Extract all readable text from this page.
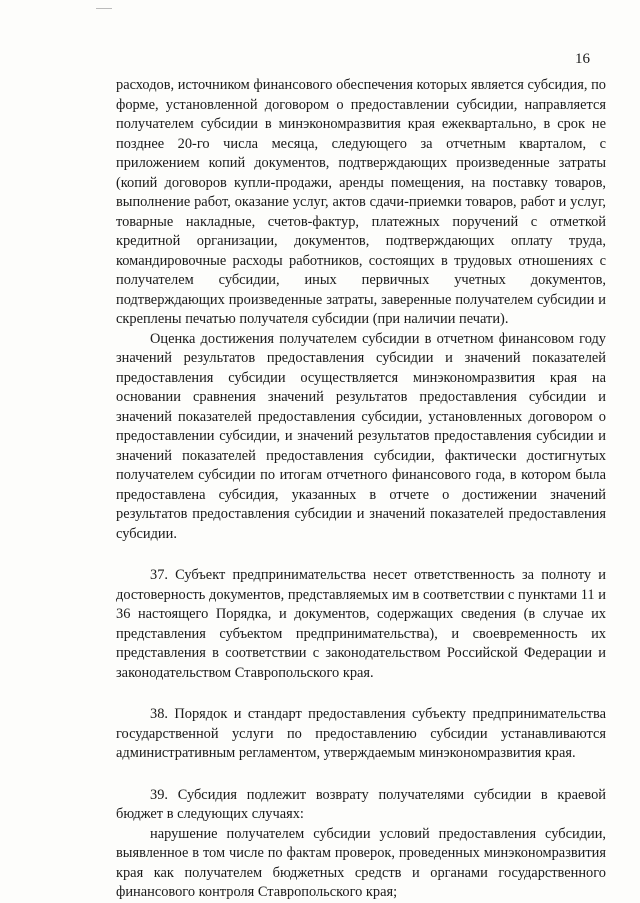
16

расходов, источником финансового обеспечения которых является субсидия, по форме, установленной договором о предоставлении субсидии, направляется получателем субсидии в минэкономразвития края ежеквартально, в срок не позднее 20-го числа месяца, следующего за отчетным кварталом, с приложением копий документов, подтверждающих произведенные затраты (копий договоров купли-продажи, аренды помещения, на поставку товаров, выполнение работ, оказание услуг, актов сдачи-приемки товаров, работ и услуг, товарные накладные, счетов-фактур, платежных поручений с отметкой кредитной организации, документов, подтверждающих оплату труда, командировочные расходы работников, состоящих в трудовых отношениях с получателем субсидии, иных первичных учетных документов, подтверждающих произведенные затраты, заверенные получателем субсидии и скреплены печатью получателя субсидии (при наличии печати).

Оценка достижения получателем субсидии в отчетном финансовом году значений результатов предоставления субсидии и значений показателей предоставления субсидии осуществляется минэкономразвития края на основании сравнения значений результатов предоставления субсидии и значений показателей предоставления субсидии, установленных договором о предоставлении субсидии, и значений результатов предоставления субсидии и значений показателей предоставления субсидии, фактически достигнутых получателем субсидии по итогам отчетного финансового года, в котором была предоставлена субсидия, указанных в отчете о достижении значений результатов предоставления субсидии и значений показателей предоставления субсидии.

37. Субъект предпринимательства несет ответственность за полноту и достоверность документов, представляемых им в соответствии с пунктами 11 и 36 настоящего Порядка, и документов, содержащих сведения (в случае их представления субъектом предпринимательства), и своевременность их представления в соответствии с законодательством Российской Федерации и законодательством Ставропольского края.

38. Порядок и стандарт предоставления субъекту предпринимательства государственной услуги по предоставлению субсидии устанавливаются административным регламентом, утверждаемым минэкономразвития края.

39. Субсидия подлежит возврату получателями субсидии в краевой бюджет в следующих случаях:

нарушение получателем субсидии условий предоставления субсидии, выявленное в том числе по фактам проверок, проведенных минэкономразвития края как получателем бюджетных средств и органами государственного финансового контроля Ставропольского края;
